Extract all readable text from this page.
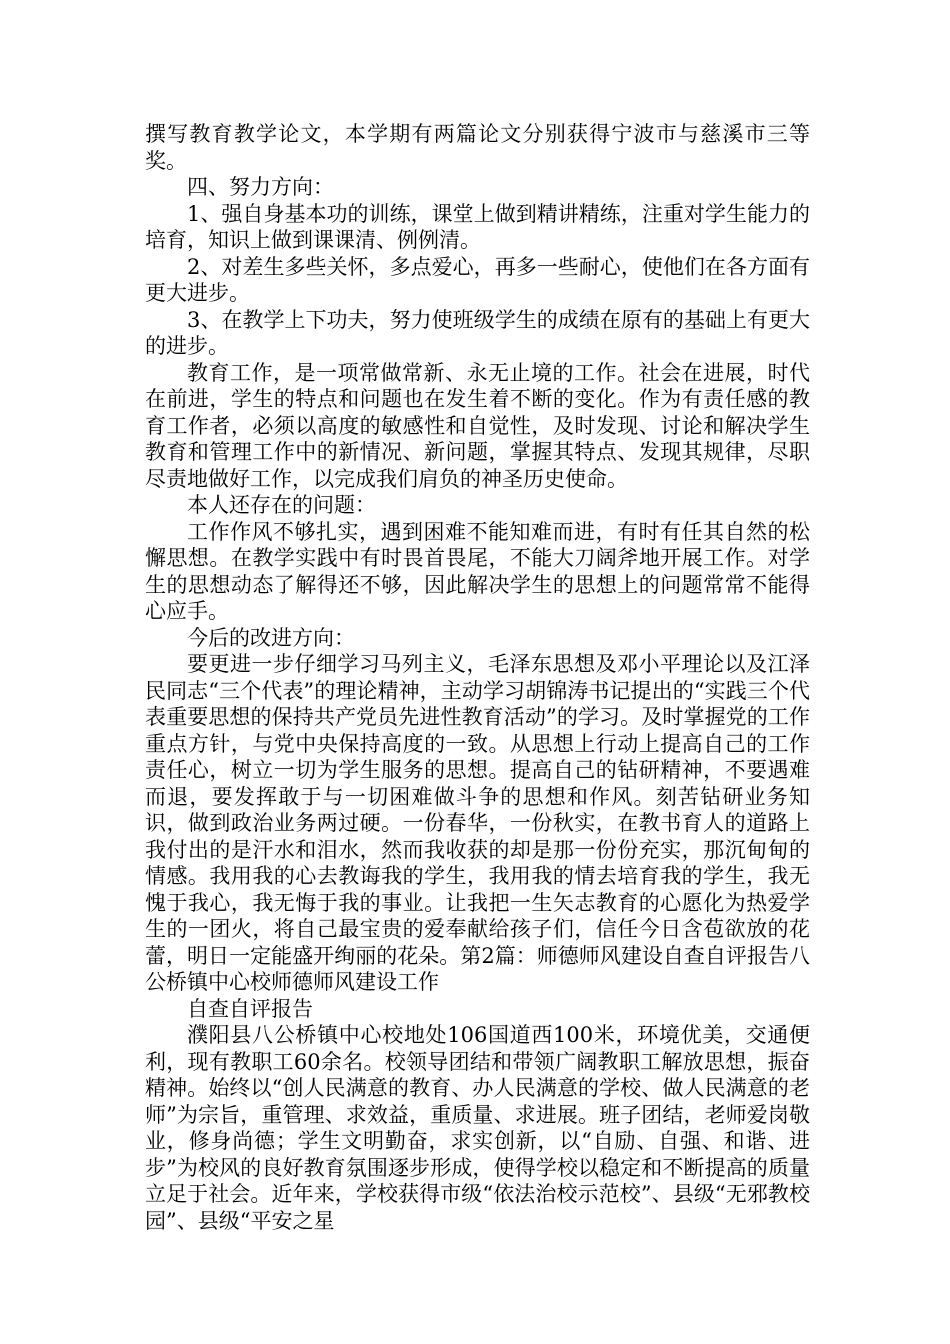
撰写教育教学论文，本学期有两篇论文分别获得宁波市与慈溪市三等奖。

四、努力方向：

1、强自身基本功的训练，课堂上做到精讲精练，注重对学生能力的培育，知识上做到课课清、例例清。

2、对差生多些关怀，多点爱心，再多一些耐心，使他们在各方面有更大进步。

3、在教学上下功夫，努力使班级学生的成绩在原有的基础上有更大的进步。

教育工作，是一项常做常新、永无止境的工作。社会在进展，时代在前进，学生的特点和问题也在发生着不断的变化。作为有责任感的教育工作者，必须以高度的敏感性和自觉性，及时发现、讨论和解决学生教育和管理工作中的新情况、新问题，掌握其特点、发现其规律，尽职尽责地做好工作，以完成我们肩负的神圣历史使命。

本人还存在的问题：

工作作风不够扎实，遇到困难不能知难而进，有时有任其自然的松懈思想。在教学实践中有时畏首畏尾，不能大刀阔斧地开展工作。对学生的思想动态了解得还不够，因此解决学生的思想上的问题常常不能得心应手。

今后的改进方向：

要更进一步仔细学习马列主义，毛泽东思想及邓小平理论以及江泽民同志“三个代表”的理论精神，主动学习胡锦涛书记提出的“实践三个代表重要思想的保持共产党员先进性教育活动”的学习。及时掌握党的工作重点方针，与党中央保持高度的一致。从思想上行动上提高自己的工作责任心，树立一切为学生服务的思想。提高自己的钻研精神，不要遇难而退，要发挥敢于与一切困难做斗争的思想和作风。刻苦钻研业务知识，做到政治业务两过硬。一份春华，一份秋实，在教书育人的道路上我付出的是汗水和泪水，然而我收获的却是那一份份充实，那沉甸甸的情感。我用我的心去教诲我的学生，我用我的情去培育我的学生，我无愧于我心，我无悔于我的事业。让我把一生矢志教育的心愿化为热爱学生的一团火，将自己最宝贵的爱奉献给孩子们，信任今日含苞欲放的花蕾，明日一定能盛开绚丽的花朵。第2篇：师德师风建设自查自评报告八公桥镇中心校师德师风建设工作

自查自评报告

濮阳县八公桥镇中心校地处106国道西100米，环境优美，交通便利，现有教职工60余名。校领导团结和带领广阔教职工解放思想，振奋精神。始终以“创人民满意的教育、办人民满意的学校、做人民满意的老师”为宗旨，重管理、求效益，重质量、求进展。班子团结，老师爱岗敬业，修身尚德；学生文明勤奋，求实创新，以“自励、自强、和谐、进步”为校风的良好教育氛围逐步形成，使得学校以稳定和不断提高的质量立足于社会。近年来，学校获得市级“依法治校示范校”、县级“无邪教校园”、县级“平安之星
